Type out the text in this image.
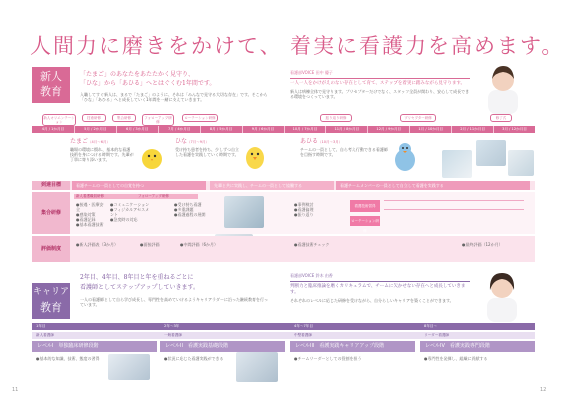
人間力に磨きをかけて、 着実に看護力を高めます。
新人
教育
「たまご」のあなたをあたたかく見守り、
「ひな」から「あひる」へとはぐくむ1年間です。
入職してすぐ新人は、まるで「たまご」のように、それは「みんなで見守る大切な存在」です。そこから「ひな」「あひる」へと成長していく1年間を一緒に支えていきます。
看護部VOICE 田中 優子
一人一人をかけがえのない存在として育て、ステップを着実に踏みながら見守ります。
新人は病棟全体で見守ります。プリセプターだけでなく、スタッフ全員が関わり、安心して成長できる環境をつくっています。
新人オリエンテーション
技術研修	集合研修	フォローアップ研修
ローテーション研修	振り返り研修	プリセプター研修	修了式
4月 / 1か月目	5月 / 2か月目	6月 / 3か月目	7月 / 4か月目	8月 / 5か月目	9月 / 6か月目	10月 / 7か月目	11月 / 8か月目	12月 / 9か月目	1月 / 10か月目	2月 / 11か月目	3月 / 12か月目
たまご（4月〜6月）
職場の環境に慣れ、基本的な看護技術を身につける時期です。先輩が丁寧に寄り添います。
ひな（7月〜9月）
受け持ち患者を持ち、少しずつ自立した看護を実践していく時期です。
あひる（10月〜3月）
チームの一員として、自ら考え行動できる看護師を目指す時期です。
到達目標	看護チームの一員としての自覚を持つ	先輩と共に実践し、チームの一員として協働する	看護チームメンバーの一員として自立して看護を実践する
集合研修
新人看護職員研修	フォローアップ研修
●接遇・医療安全
●感染対策
●看護記録
●基本看護技術
●コミュニケーション
●フィジカルアセスメント
●急変時の対応
●受け持ち看護
●多重課題
●看護過程の展開
●事例検討
●看護倫理
●振り返り
看護技術習得
ローテーション研修
評価制度
●新人評価表（3か月）	●面接評価	●中間評価（6か月）	●看護技術チェック	●最終評価（12か月）
キャリア
教育
2年目、4年目、8年目と年を重ねるごとに
看護師としてステップアップしていきます。
一人の看護師として自ら学び成長し、専門性を高めていけるようキャリアラダーに沿った継続教育を行っています。
看護部VOICE 鈴木 由香
判断力と臨床推論を磨くカリキュラムで、チームに欠かせない存在へと成長していきます。
それぞれのレベルに応じた研修を受けながら、自分らしいキャリアを築くことができます。
1年目	2年〜3年	4年〜7年目	8年目〜
新人看護師	一般看護師	中堅看護師	リーダー看護師
レベルI　単独臨床研修段階	レベルII　看護実践基礎段階	レベルIII　看護実践キャリアアップ段階	レベルIV　看護実践専門段階
●基本的な知識、技術、態度の習得	●状況に応じた看護実践ができる	●チームリーダーとしての役割を担う	●専門性を発揮し、組織に貢献する
11	12
